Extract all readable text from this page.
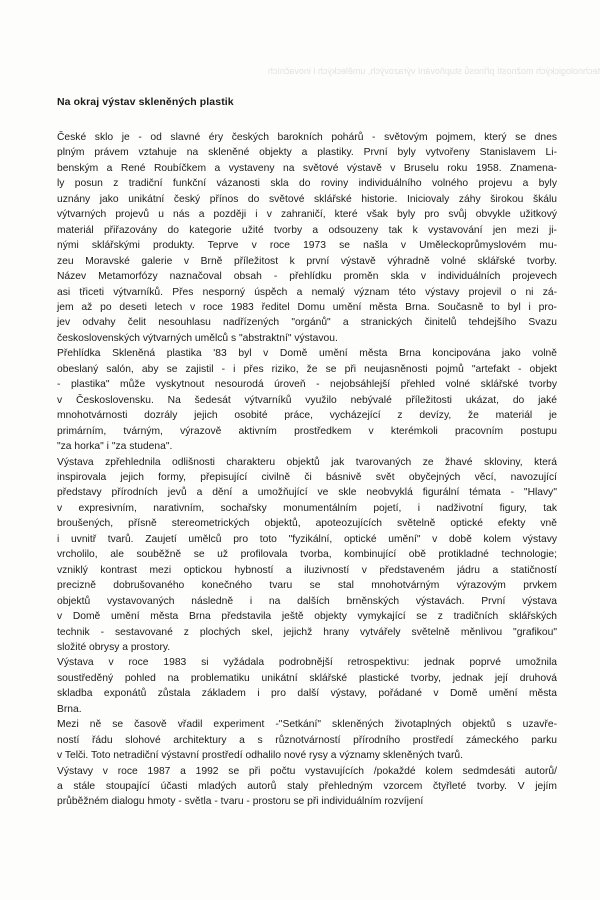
technologických možností přínosů stupňování výrazových, uměleckých i inovačních
Na okraj výstav skleněných plastik
České sklo je - od slavné éry českých barokních pohárů - světovým pojmem, který se dnes
plným právem vztahuje na skleněné objekty a plastiky. První byly vytvořeny Stanislavem Li-
benským a René Roubíčkem a vystaveny na světové výstavě v Bruselu roku 1958. Znamena-
ly posun z tradiční funkční vázanosti skla do roviny individuálního volného projevu a byly
uznány jako unikátní český přínos do světové sklářské historie. Iniciovaly záhy širokou škálu
výtvarných projevů u nás a později i v zahraničí, které však byly pro svůj obvykle užitkový
materiál přiřazovány do kategorie užité tvorby a odsouzeny tak k vystavování jen mezi ji-
nými sklářskými produkty. Teprve v roce 1973 se našla v Uměleckoprůmyslovém mu-
zeu Moravské galerie v Brně příležitost k první výstavě výhradně volné sklářské tvorby.
Název Metamorfózy naznačoval obsah - přehlídku proměn skla v individuálních projevech
asi třiceti výtvarníků. Přes nesporný úspěch a nemalý význam této výstavy projevil o ni zá-
jem až po deseti letech v roce 1983 ředitel Domu umění města Brna. Současně to byl i pro-
jev odvahy čelit nesouhlasu nadřízených "orgánů" a stranických činitelů tehdejšího Svazu
československých výtvarných umělců s "abstraktní" výstavou.
Přehlídka Skleněná plastika '83 byl v Domě umění města Brna koncipována jako volně
obeslaný salón, aby se zajistil - i přes riziko, že se při neujasněnosti pojmů "artefakt - objekt
- plastika" může vyskytnout nesourodá úroveň - nejobsáhlejší přehled volné sklářské tvorby
v Československu. Na šedesát výtvarníků využilo nebývalé příležitosti ukázat, do jaké
mnohotvárnosti dozrály jejich osobité práce, vycházející z devízy, že materiál je
primárním, tvárným, výrazově aktivním prostředkem v kterémkoli pracovním postupu
"za horka" i "za studena".
Výstava zpřehlednila odlišnosti charakteru objektů jak tvarovaných ze žhavé skloviny, která
inspirovala jejich formy, přepisující civilně či básnivě svět obyčejných věcí, navozující
představy přírodních jevů a dění a umožňující ve skle neobvyklá figurální témata - "Hlavy"
v expresivním, narativním, sochařsky monumentálním pojetí, i nadživotní figury, tak
broušených, přísně stereometrických objektů, apoteozujících světelně optické efekty vně
i uvnitř tvarů. Zaujetí umělců pro toto "fyzikální, optické umění" v době kolem výstavy
vrcholilo, ale souběžně se už profilovala tvorba, kombinující obě protikladné technologie;
vzniklý kontrast mezi optickou hybností a iluzivností v představeném jádru a statičností
precizně dobrušovaného konečného tvaru se stal mnohotvárným výrazovým prvkem
objektů vystavovaných následně i na dalších brněnských výstavách. První výstava
v Domě umění města Brna představila ještě objekty vymykající se z tradičních sklářských
technik - sestavované z plochých skel, jejichž hrany vytvářely světelně měnlivou "grafikou"
složité obrysy a prostory.
Výstava v roce 1983 si vyžádala podrobnější retrospektivu: jednak poprvé umožnila
soustředěný pohled na problematiku unikátní sklářské plastické tvorby, jednak její druhová
skladba exponátů zůstala základem i pro další výstavy, pořádané v Domě umění města
Brna.
Mezi ně se časově vřadil experiment -"Setkání" skleněných životaplných objektů s uzavře-
ností řádu slohové architektury a s různotvárností přírodního prostředí zámeckého parku
v Telči. Toto netradiční výstavní prostředí odhalilo nové rysy a významy skleněných tvarů.
Výstavy v roce 1987 a 1992 se při počtu vystavujících /pokaždé kolem sedmdesáti autorů/
a stále stoupající účasti mladých autorů staly přehledným vzorcem čtyřleté tvorby. V jejím
průběžném dialogu hmoty - světla - tvaru - prostoru se při individuálním rozvíjení
